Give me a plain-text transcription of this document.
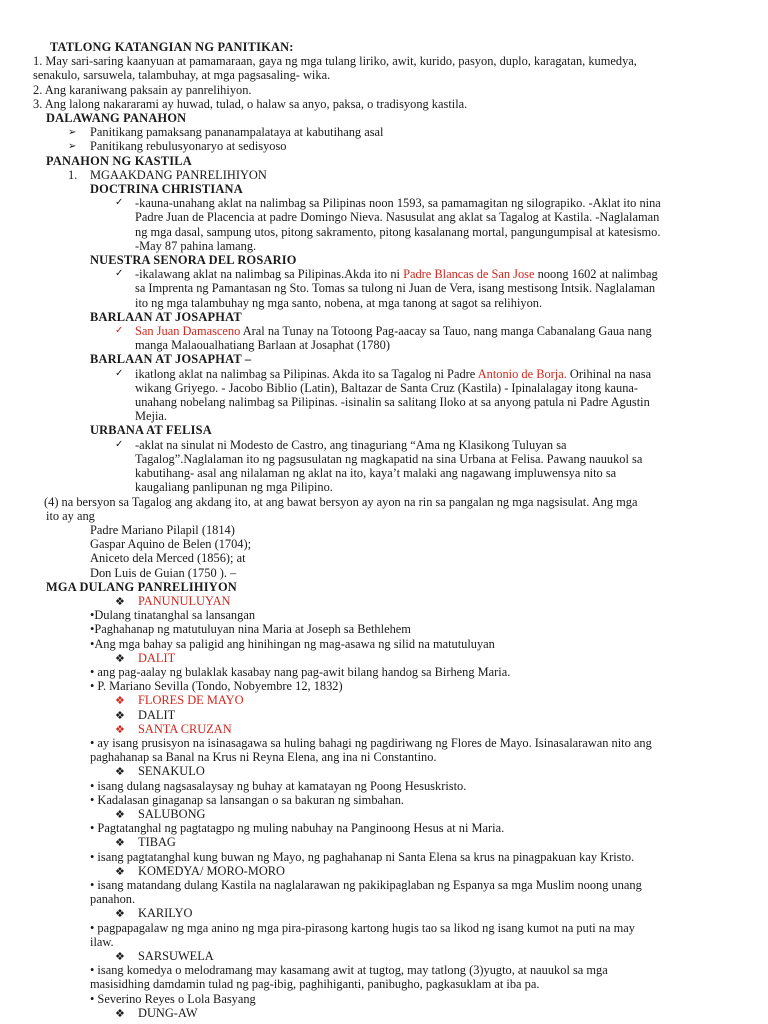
TATLONG KATANGIAN NG PANITIKAN:
1. May sari-saring kaanyuan at pamamaraan, gaya ng mga tulang liriko, awit, kurido, pasyon, duplo, karagatan, kumedya,
senakulo, sarsuwela, talambuhay, at mga pagsasaling- wika.
2. Ang karaniwang paksain ay panrelihiyon.
3. Ang lalong nakararami ay huwad, tulad, o halaw sa anyo, paksa, o tradisyong kastila.
DALAWANG PANAHON
➢ Panitikang pamaksang pananampalataya at kabutihang asal
➢ Panitikang rebulusyonaryo at sedisyoso
PANAHON NG KASTILA
1. MGAAKDANG PANRELIHIYON
DOCTRINA CHRISTIANA
✓ -kauna-unahang aklat na nalimbag sa Pilipinas noon 1593, sa pamamagitan ng silograpiko. -Aklat ito nina
Padre Juan de Placencia at padre Domingo Nieva. Nasusulat ang aklat sa Tagalog at Kastila. -Naglalaman
ng mga dasal, sampung utos, pitong sakramento, pitong kasalanang mortal, pangungumpisal at katesismo.
-May 87 pahina lamang.
NUESTRA SENORA DEL ROSARIO
✓ -ikalawang aklat na nalimbag sa Pilipinas.Akda ito ni Padre Blancas de San Jose noong 1602 at nalimbag
sa Imprenta ng Pamantasan ng Sto. Tomas sa tulong ni Juan de Vera, isang mestisong Intsik. Naglalaman
ito ng mga talambuhay ng mga santo, nobena, at mga tanong at sagot sa relihiyon.
BARLAAN AT JOSAPHAT
✓ San Juan Damasceno Aral na Tunay na Totoong Pag-aacay sa Tauo, nang manga Cabanalang Gaua nang
manga Malaoualhatiang Barlaan at Josaphat (1780)
BARLAAN AT JOSAPHAT –
✓ ikatlong aklat na nalimbag sa Pilipinas. Akda ito sa Tagalog ni Padre Antonio de Borja. Orihinal na nasa
wikang Griyego. - Jacobo Biblio (Latin), Baltazar de Santa Cruz (Kastila) - Ipinalalagay itong kauna-
unahang nobelang nalimbag sa Pilipinas. -isinalin sa salitang Iloko at sa anyong patula ni Padre Agustin
Mejia.
URBANA AT FELISA
✓ -aklat na sinulat ni Modesto de Castro, ang tinaguriang “Ama ng Klasikong Tuluyan sa
Tagalog”.Naglalaman ito ng pagsusulatan ng magkapatid na sina Urbana at Felisa. Pawang nauukol sa
kabutihang- asal ang nilalaman ng aklat na ito, kaya’t malaki ang nagawang impluwensya nito sa
kaugaliang panlipunan ng mga Pilipino.
(4) na bersyon sa Tagalog ang akdang ito, at ang bawat bersyon ay ayon na rin sa pangalan ng mga nagsisulat. Ang mga
ito ay ang
Padre Mariano Pilapil (1814)
Gaspar Aquino de Belen (1704);
Aniceto dela Merced (1856); at
Don Luis de Guian (1750 ). –
MGA DULANG PANRELIHIYON
❖ PANUNULUYAN
•Dulang tinatanghal sa lansangan
•Paghahanap ng matutuluyan nina Maria at Joseph sa Bethlehem
•Ang mga bahay sa paligid ang hinihingan ng mag-asawa ng silid na matutuluyan
❖ DALIT
• ang pag-aalay ng bulaklak kasabay nang pag-awit bilang handog sa Birheng Maria.
• P. Mariano Sevilla (Tondo, Nobyembre 12, 1832)
❖ FLORES DE MAYO
❖ DALIT
❖ SANTA CRUZAN
• ay isang prusisyon na isinasagawa sa huling bahagi ng pagdiriwang ng Flores de Mayo. Isinasalarawan nito ang
paghahanap sa Banal na Krus ni Reyna Elena, ang ina ni Constantino.
❖ SENAKULO
• isang dulang nagsasalaysay ng buhay at kamatayan ng Poong Hesuskristo.
• Kadalasan ginaganap sa lansangan o sa bakuran ng simbahan.
❖ SALUBONG
• Pagtatanghal ng pagtatagpo ng muling nabuhay na Panginoong Hesus at ni Maria.
❖ TIBAG
• isang pagtatanghal kung buwan ng Mayo, ng paghahanap ni Santa Elena sa krus na pinagpakuan kay Kristo.
❖ KOMEDYA/ MORO-MORO
• isang matandang dulang Kastila na naglalarawan ng pakikipaglaban ng Espanya sa mga Muslim noong unang
panahon.
❖ KARILYO
• pagpapagalaw ng mga anino ng mga pira-pirasong kartong hugis tao sa likod ng isang kumot na puti na may
ilaw.
❖ SARSUWELA
• isang komedya o melodramang may kasamang awit at tugtog, may tatlong (3)yugto, at nauukol sa mga
masisidhing damdamin tulad ng pag-ibig, paghihiganti, panibugho, pagkasuklam at iba pa.
• Severino Reyes o Lola Basyang
❖ DUNG-AW
